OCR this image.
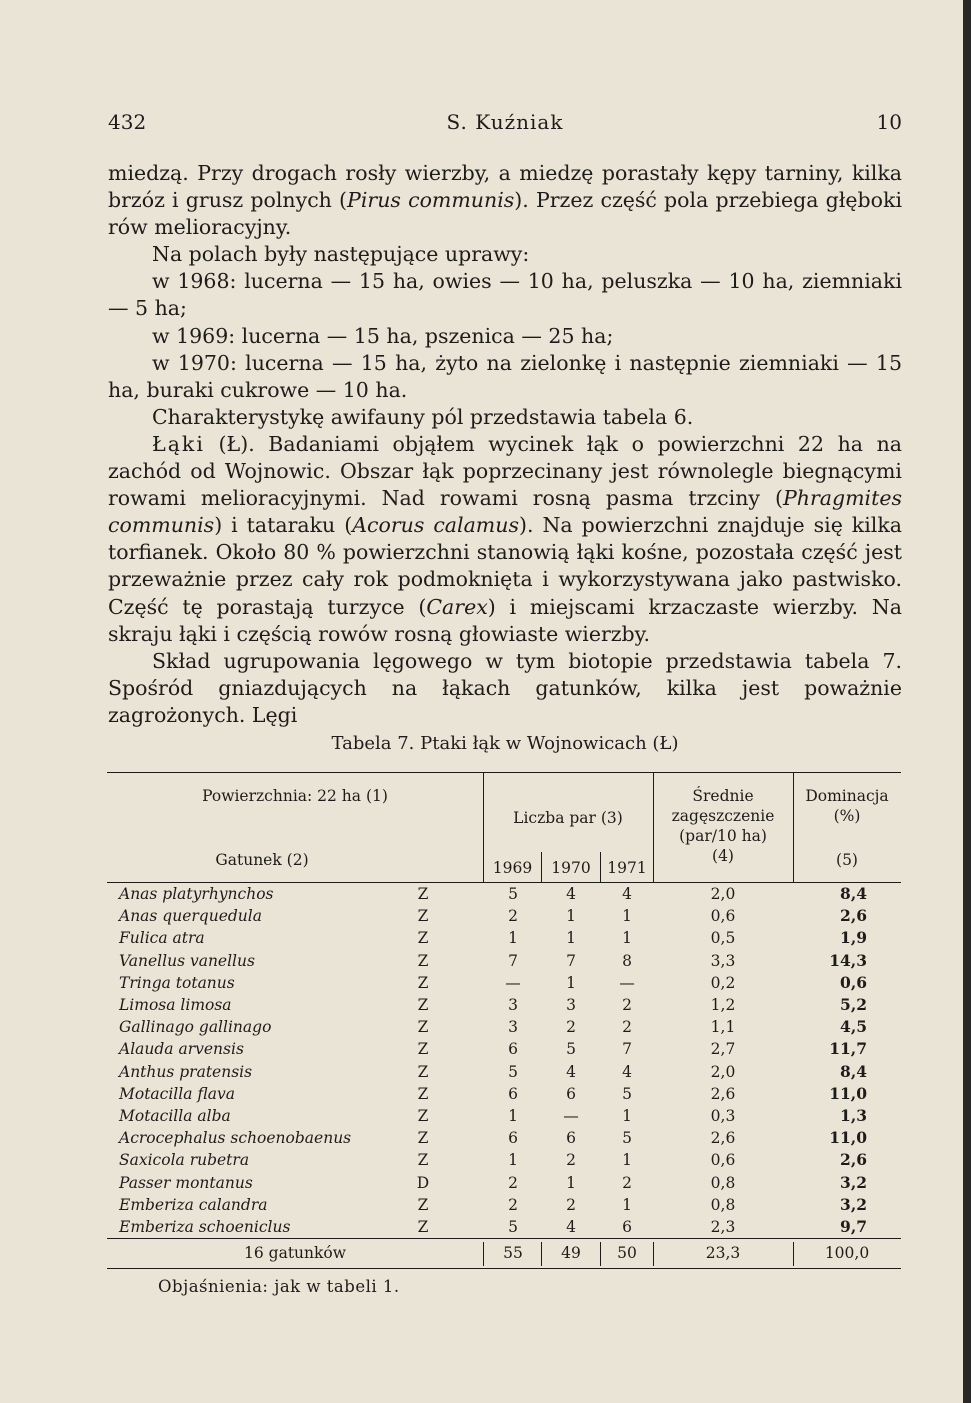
432	S. Kuźniak	10

miedzą. Przy drogach rosły wierzby, a miedzę porastały kępy tarniny, kilka brzóz i grusz polnych (Pirus communis). Przez część pola przebiega głęboki rów melioracyjny.

Na polach były następujące uprawy:

w 1968: lucerna — 15 ha, owies — 10 ha, peluszka — 10 ha, ziemniaki — 5 ha;

w 1969: lucerna — 15 ha, pszenica — 25 ha;

w 1970: lucerna — 15 ha, żyto na zielonkę i następnie ziemniaki — 15 ha, buraki cukrowe — 10 ha.

Charakterystykę awifauny pól przedstawia tabela 6.

Łąki (Ł). Badaniami objąłem wycinek łąk o powierzchni 22 ha na zachód od Wojnowic. Obszar łąk poprzecinany jest równolegle biegnącymi rowami melioracyjnymi. Nad rowami rosną pasma trzciny (Phragmites communis) i tataraku (Acorus calamus). Na powierzchni znajduje się kilka torfianek. Około 80 % powierzchni stanowią łąki kośne, pozostała część jest przeważnie przez cały rok podmoknięta i wykorzystywana jako pastwisko. Część tę porastają turzyce (Carex) i miejscami krzaczaste wierzby. Na skraju łąki i częścią rowów rosną głowiaste wierzby.

Skład ugrupowania lęgowego w tym biotopie przedstawia tabela 7. Spośród gniazdujących na łąkach gatunków, kilka jest poważnie zagrożonych. Lęgi

Tabela 7. Ptaki łąk w Wojnowicach (Ł)
Powierzchnia: 22 ha (1)
Gatunek (2)
Liczba par (3)
1969	1970	1971
Średnie
zagęszczenie
(par/10 ha)
(4)
Dominacja
(%)
(5)
Anas platyrhynchos	Z	5	4	4	2,0	8,4
Anas querquedula	Z	2	1	1	0,6	2,6
Fulica atra	Z	1	1	1	0,5	1,9
Vanellus vanellus	Z	7	7	8	3,3	14,3
Tringa totanus	Z	—	1	—	0,2	0,6
Limosa limosa	Z	3	3	2	1,2	5,2
Gallinago gallinago	Z	3	2	2	1,1	4,5
Alauda arvensis	Z	6	5	7	2,7	11,7
Anthus pratensis	Z	5	4	4	2,0	8,4
Motacilla flava	Z	6	6	5	2,6	11,0
Motacilla alba	Z	1	—	1	0,3	1,3
Acrocephalus schoenobaenus	Z	6	6	5	2,6	11,0
Saxicola rubetra	Z	1	2	1	0,6	2,6
Passer montanus	D	2	1	2	0,8	3,2
Emberiza calandra	Z	2	2	1	0,8	3,2
Emberiza schoeniclus	Z	5	4	6	2,3	9,7
16 gatunków	55	49	50	23,3	100,0
Objaśnienia: jak w tabeli 1.
